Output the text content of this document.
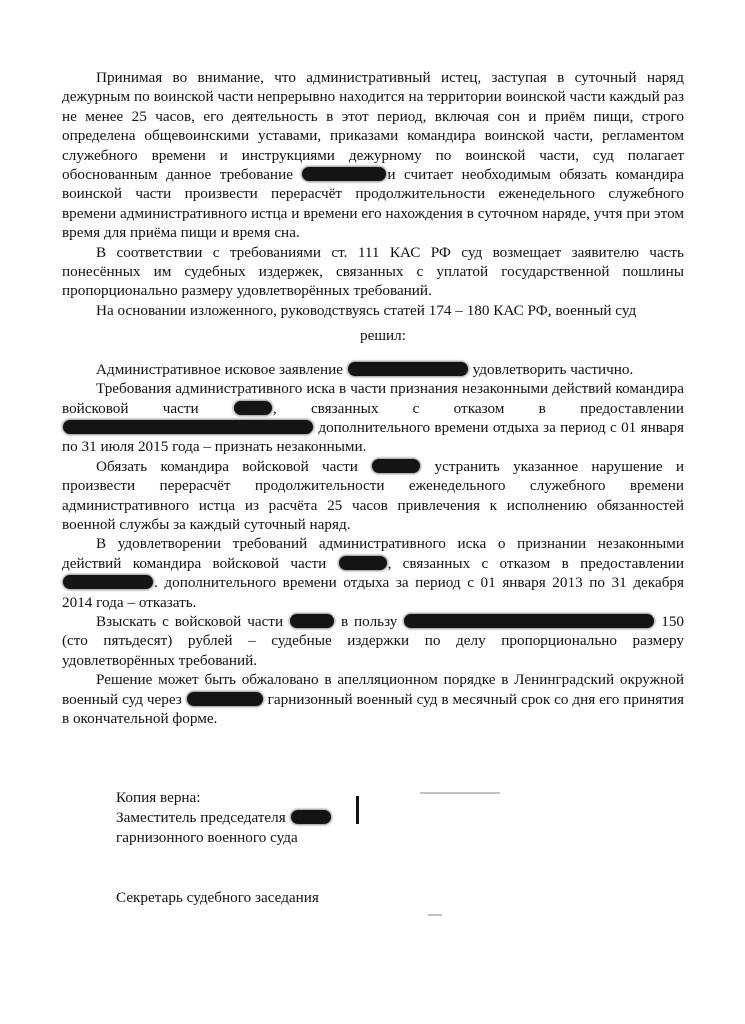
Принимая во внимание, что административный истец, заступая в суточный наряд дежурным по воинской части непрерывно находится на территории воинской части каждый раз не менее 25 часов, его деятельность в этот период, включая сон и приём пищи, строго определена общевоинскими уставами, приказами командира воинской части, регламентом служебного времени и инструкциями дежурному по воинской части, суд полагает обоснованным данное требование	и считает необходимым обязать командира воинской части произвести перерасчёт продолжительности еженедельного служебного времени административного истца и времени его нахождения в суточном наряде, учтя при этом время для приёма пищи и время сна.

В соответствии с требованиями ст. 111 КАС РФ суд возмещает заявителю часть понесённых им судебных издержек, связанных с уплатой государственной пошлины пропорционально размеру удовлетворённых требований.

На основании изложенного, руководствуясь статей 174 – 180 КАС РФ, военный суд

решил:

Административное исковое заявление	удовлетворить частично.

Требования административного иска в части признания незаконными действий командира войсковой части	, связанных с отказом в предоставлении  дополнительного времени отдыха за период с 01 января по 31 июля 2015 года – признать незаконными.

Обязать командира войсковой части	устранить указанное нарушение и произвести перерасчёт продолжительности еженедельного служебного времени административного истца из расчёта 25 часов привлечения к исполнению обязанностей военной службы за каждый суточный наряд.

В удовлетворении требований административного иска о признании незаконными действий командира войсковой части	, связанных с отказом в предоставлении . дополнительного времени отдыха за период с 01 января 2013 по 31 декабря 2014 года – отказать.

Взыскать с войсковой части	в пользу	150 (сто пятьдесят) рублей – судебные издержки по делу пропорционально размеру удовлетворённых требований.

Решение может быть обжаловано в апелляционном порядке в Ленинградский окружной военный суд через	гарнизонный военный суд в месячный срок со дня его принятия в окончательной форме.

Копия верна:

Заместитель председателя

гарнизонного военного суда

Секретарь судебного заседания
